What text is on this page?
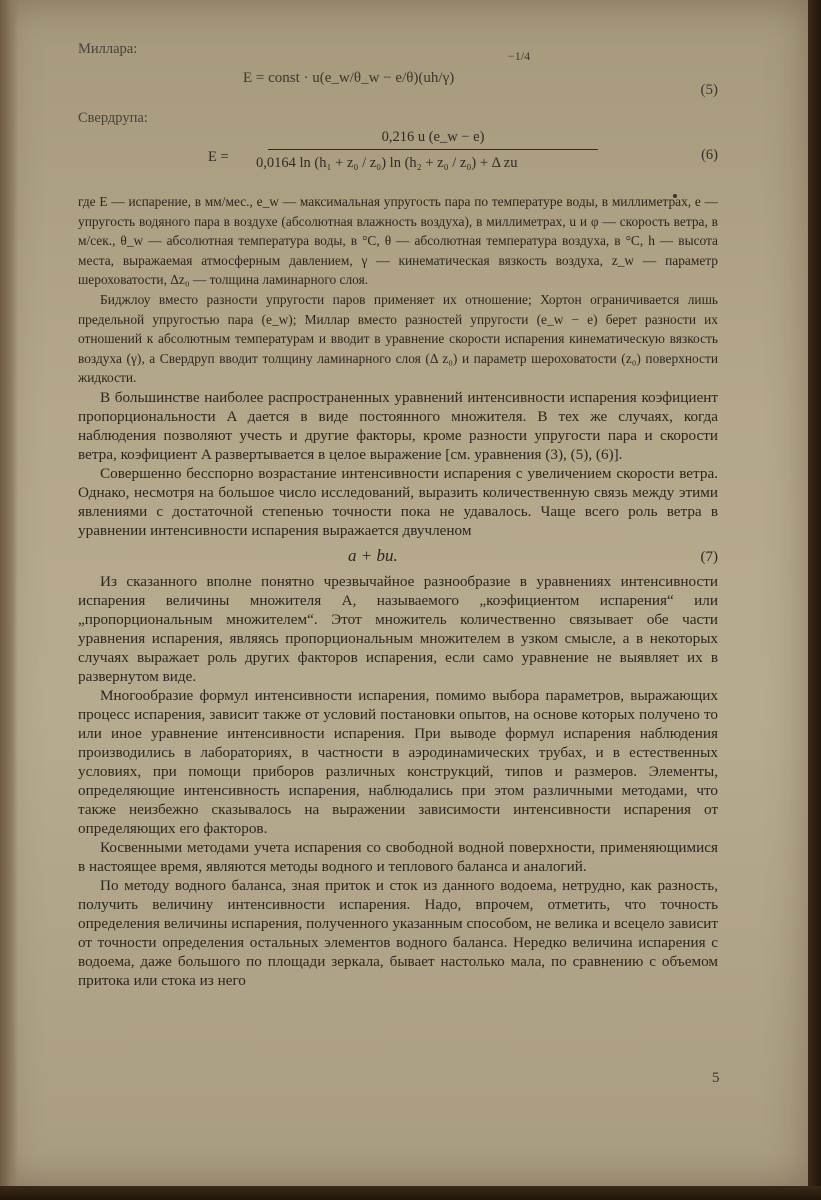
Миллара:	−1/4
E = const · u(e_w/θ_w − e/θ)(uh/γ)
(5)

Свердрупа:

E =
0,216 u (e_w − e)
0,0164 ln (h₁ + z₀ / z₀) ln (h₂ + z₀ / z₀) + Δ zu	(6)

где E — испарение, в мм/мес., e_w — максимальная упругость пара по температуре воды, в миллиметрах, e — упругость водяного пара в воздухе (абсолютная влажность воздуха), в миллиметрах, u и φ — скорость ветра, в м/сек., θ_w — абсолютная температура воды, в °C, θ — абсолютная температура воздуха, в °C, h — высота места, выражаемая атмосферным давлением, γ — кинематическая вязкость воздуха, z_w — параметр шероховатости, Δz₀ — толщина ламинарного слоя.

Биджлоу вместо разности упругости паров применяет их отношение; Хортон ограничивается лишь предельной упругостью пара (e_w); Миллар вместо разностей упругости (e_w − e) берет разности их отношений к абсолютным температурам и вводит в уравнение скорости испарения кинематическую вязкость воздуха (γ), а Свердруп вводит толщину ламинарного слоя (Δ z₀) и параметр шероховатости (z₀) поверхности жидкости.

В большинстве наиболее распространенных уравнений интенсивности испарения коэфициент пропорциональности A дается в виде постоянного множителя. В тех же случаях, когда наблюдения позволяют учесть и другие факторы, кроме разности упругости пара и скорости ветра, коэфициент A развертывается в целое выражение [см. уравнения (3), (5), (6)].

Совершенно бесспорно возрастание интенсивности испарения с увеличением скорости ветра. Однако, несмотря на большое число исследований, выразить количественную связь между этими явлениями с достаточной степенью точности пока не удавалось. Чаще всего роль ветра в уравнении интенсивности испарения выражается двучленом

a + bu.	(7)

Из сказанного вполне понятно чрезвычайное разнообразие в уравнениях интенсивности испарения величины множителя A, называемого „коэфициентом испарения“ или „пропорциональным множителем“. Этот множитель количественно связывает обе части уравнения испарения, являясь пропорциональным множителем в узком смысле, а в некоторых случаях выражает роль других факторов испарения, если само уравнение не выявляет их в развернутом виде.

Многообразие формул интенсивности испарения, помимо выбора параметров, выражающих процесс испарения, зависит также от условий постановки опытов, на основе которых получено то или иное уравнение интенсивности испарения. При выводе формул испарения наблюдения производились в лабораториях, в частности в аэродинамических трубах, и в естественных условиях, при помощи приборов различных конструкций, типов и размеров. Элементы, определяющие интенсивность испарения, наблюдались при этом различными методами, что также неизбежно сказывалось на выражении зависимости интенсивности испарения от определяющих его факторов.

Косвенными методами учета испарения со свободной водной поверхности, применяющимися в настоящее время, являются методы водного и теплового баланса и аналогий.

По методу водного баланса, зная приток и сток из данного водоема, нетрудно, как разность, получить величину интенсивности испарения. Надо, впрочем, отметить, что точность определения величины испарения, полученного указанным способом, не велика и всецело зависит от точности определения остальных элементов водного баланса. Нередко величина испарения с водоема, даже большого по площади зеркала, бывает настолько мала, по сравнению с объемом притока или стока из него

5
